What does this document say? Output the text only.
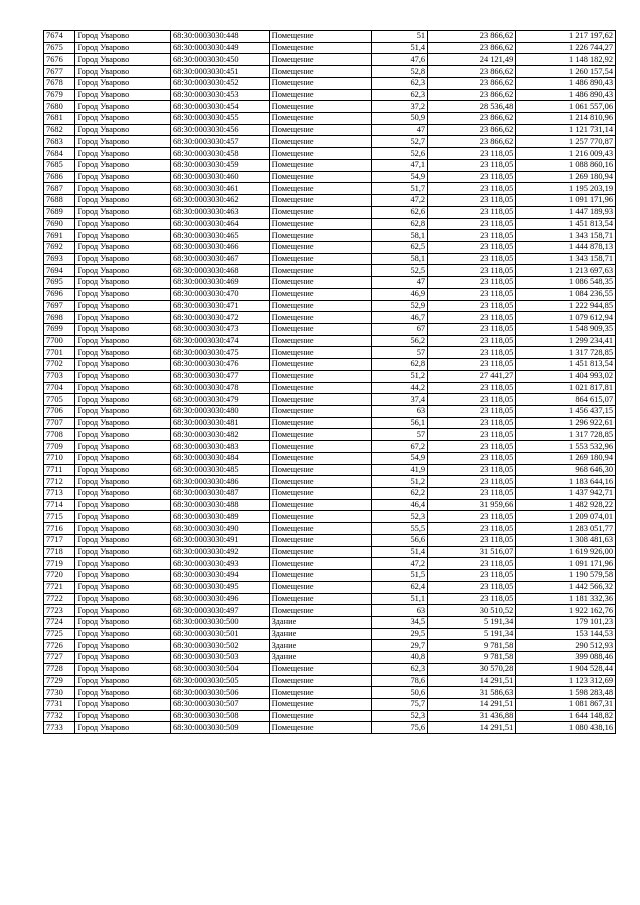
7674	Город Уварово	68:30:0003030:448	Помещение	51	23 866,62	1 217 197,62
7675	Город Уварово	68:30:0003030:449	Помещение	51,4	23 866,62	1 226 744,27
7676	Город Уварово	68:30:0003030:450	Помещение	47,6	24 121,49	1 148 182,92
7677	Город Уварово	68:30:0003030:451	Помещение	52,8	23 866,62	1 260 157,54
7678	Город Уварово	68:30:0003030:452	Помещение	62,3	23 866,62	1 486 890,43
7679	Город Уварово	68:30:0003030:453	Помещение	62,3	23 866,62	1 486 890,43
7680	Город Уварово	68:30:0003030:454	Помещение	37,2	28 536,48	1 061 557,06
7681	Город Уварово	68:30:0003030:455	Помещение	50,9	23 866,62	1 214 810,96
7682	Город Уварово	68:30:0003030:456	Помещение	47	23 866,62	1 121 731,14
7683	Город Уварово	68:30:0003030:457	Помещение	52,7	23 866,62	1 257 770,87
7684	Город Уварово	68:30:0003030:458	Помещение	52,6	23 118,05	1 216 009,43
7685	Город Уварово	68:30:0003030:459	Помещение	47,1	23 118,05	1 088 860,16
7686	Город Уварово	68:30:0003030:460	Помещение	54,9	23 118,05	1 269 180,94
7687	Город Уварово	68:30:0003030:461	Помещение	51,7	23 118,05	1 195 203,19
7688	Город Уварово	68:30:0003030:462	Помещение	47,2	23 118,05	1 091 171,96
7689	Город Уварово	68:30:0003030:463	Помещение	62,6	23 118,05	1 447 189,93
7690	Город Уварово	68:30:0003030:464	Помещение	62,8	23 118,05	1 451 813,54
7691	Город Уварово	68:30:0003030:465	Помещение	58,1	23 118,05	1 343 158,71
7692	Город Уварово	68:30:0003030:466	Помещение	62,5	23 118,05	1 444 878,13
7693	Город Уварово	68:30:0003030:467	Помещение	58,1	23 118,05	1 343 158,71
7694	Город Уварово	68:30:0003030:468	Помещение	52,5	23 118,05	1 213 697,63
7695	Город Уварово	68:30:0003030:469	Помещение	47	23 118,05	1 086 548,35
7696	Город Уварово	68:30:0003030:470	Помещение	46,9	23 118,05	1 084 236,55
7697	Город Уварово	68:30:0003030:471	Помещение	52,9	23 118,05	1 222 944,85
7698	Город Уварово	68:30:0003030:472	Помещение	46,7	23 118,05	1 079 612,94
7699	Город Уварово	68:30:0003030:473	Помещение	67	23 118,05	1 548 909,35
7700	Город Уварово	68:30:0003030:474	Помещение	56,2	23 118,05	1 299 234,41
7701	Город Уварово	68:30:0003030:475	Помещение	57	23 118,05	1 317 728,85
7702	Город Уварово	68:30:0003030:476	Помещение	62,8	23 118,05	1 451 813,54
7703	Город Уварово	68:30:0003030:477	Помещение	51,2	27 441,27	1 404 993,02
7704	Город Уварово	68:30:0003030:478	Помещение	44,2	23 118,05	1 021 817,81
7705	Город Уварово	68:30:0003030:479	Помещение	37,4	23 118,05	864 615,07
7706	Город Уварово	68:30:0003030:480	Помещение	63	23 118,05	1 456 437,15
7707	Город Уварово	68:30:0003030:481	Помещение	56,1	23 118,05	1 296 922,61
7708	Город Уварово	68:30:0003030:482	Помещение	57	23 118,05	1 317 728,85
7709	Город Уварово	68:30:0003030:483	Помещение	67,2	23 118,05	1 553 532,96
7710	Город Уварово	68:30:0003030:484	Помещение	54,9	23 118,05	1 269 180,94
7711	Город Уварово	68:30:0003030:485	Помещение	41,9	23 118,05	968 646,30
7712	Город Уварово	68:30:0003030:486	Помещение	51,2	23 118,05	1 183 644,16
7713	Город Уварово	68:30:0003030:487	Помещение	62,2	23 118,05	1 437 942,71
7714	Город Уварово	68:30:0003030:488	Помещение	46,4	31 959,66	1 482 928,22
7715	Город Уварово	68:30:0003030:489	Помещение	52,3	23 118,05	1 209 074,01
7716	Город Уварово	68:30:0003030:490	Помещение	55,5	23 118,05	1 283 051,77
7717	Город Уварово	68:30:0003030:491	Помещение	56,6	23 118,05	1 308 481,63
7718	Город Уварово	68:30:0003030:492	Помещение	51,4	31 516,07	1 619 926,00
7719	Город Уварово	68:30:0003030:493	Помещение	47,2	23 118,05	1 091 171,96
7720	Город Уварово	68:30:0003030:494	Помещение	51,5	23 118,05	1 190 579,58
7721	Город Уварово	68:30:0003030:495	Помещение	62,4	23 118,05	1 442 566,32
7722	Город Уварово	68:30:0003030:496	Помещение	51,1	23 118,05	1 181 332,36
7723	Город Уварово	68:30:0003030:497	Помещение	63	30 510,52	1 922 162,76
7724	Город Уварово	68:30:0003030:500	Здание	34,5	5 191,34	179 101,23
7725	Город Уварово	68:30:0003030:501	Здание	29,5	5 191,34	153 144,53
7726	Город Уварово	68:30:0003030:502	Здание	29,7	9 781,58	290 512,93
7727	Город Уварово	68:30:0003030:503	Здание	40,8	9 781,58	399 088,46
7728	Город Уварово	68:30:0003030:504	Помещение	62,3	30 570,28	1 904 528,44
7729	Город Уварово	68:30:0003030:505	Помещение	78,6	14 291,51	1 123 312,69
7730	Город Уварово	68:30:0003030:506	Помещение	50,6	31 586,63	1 598 283,48
7731	Город Уварово	68:30:0003030:507	Помещение	75,7	14 291,51	1 081 867,31
7732	Город Уварово	68:30:0003030:508	Помещение	52,3	31 436,88	1 644 148,82
7733	Город Уварово	68:30:0003030:509	Помещение	75,6	14 291,51	1 080 438,16
